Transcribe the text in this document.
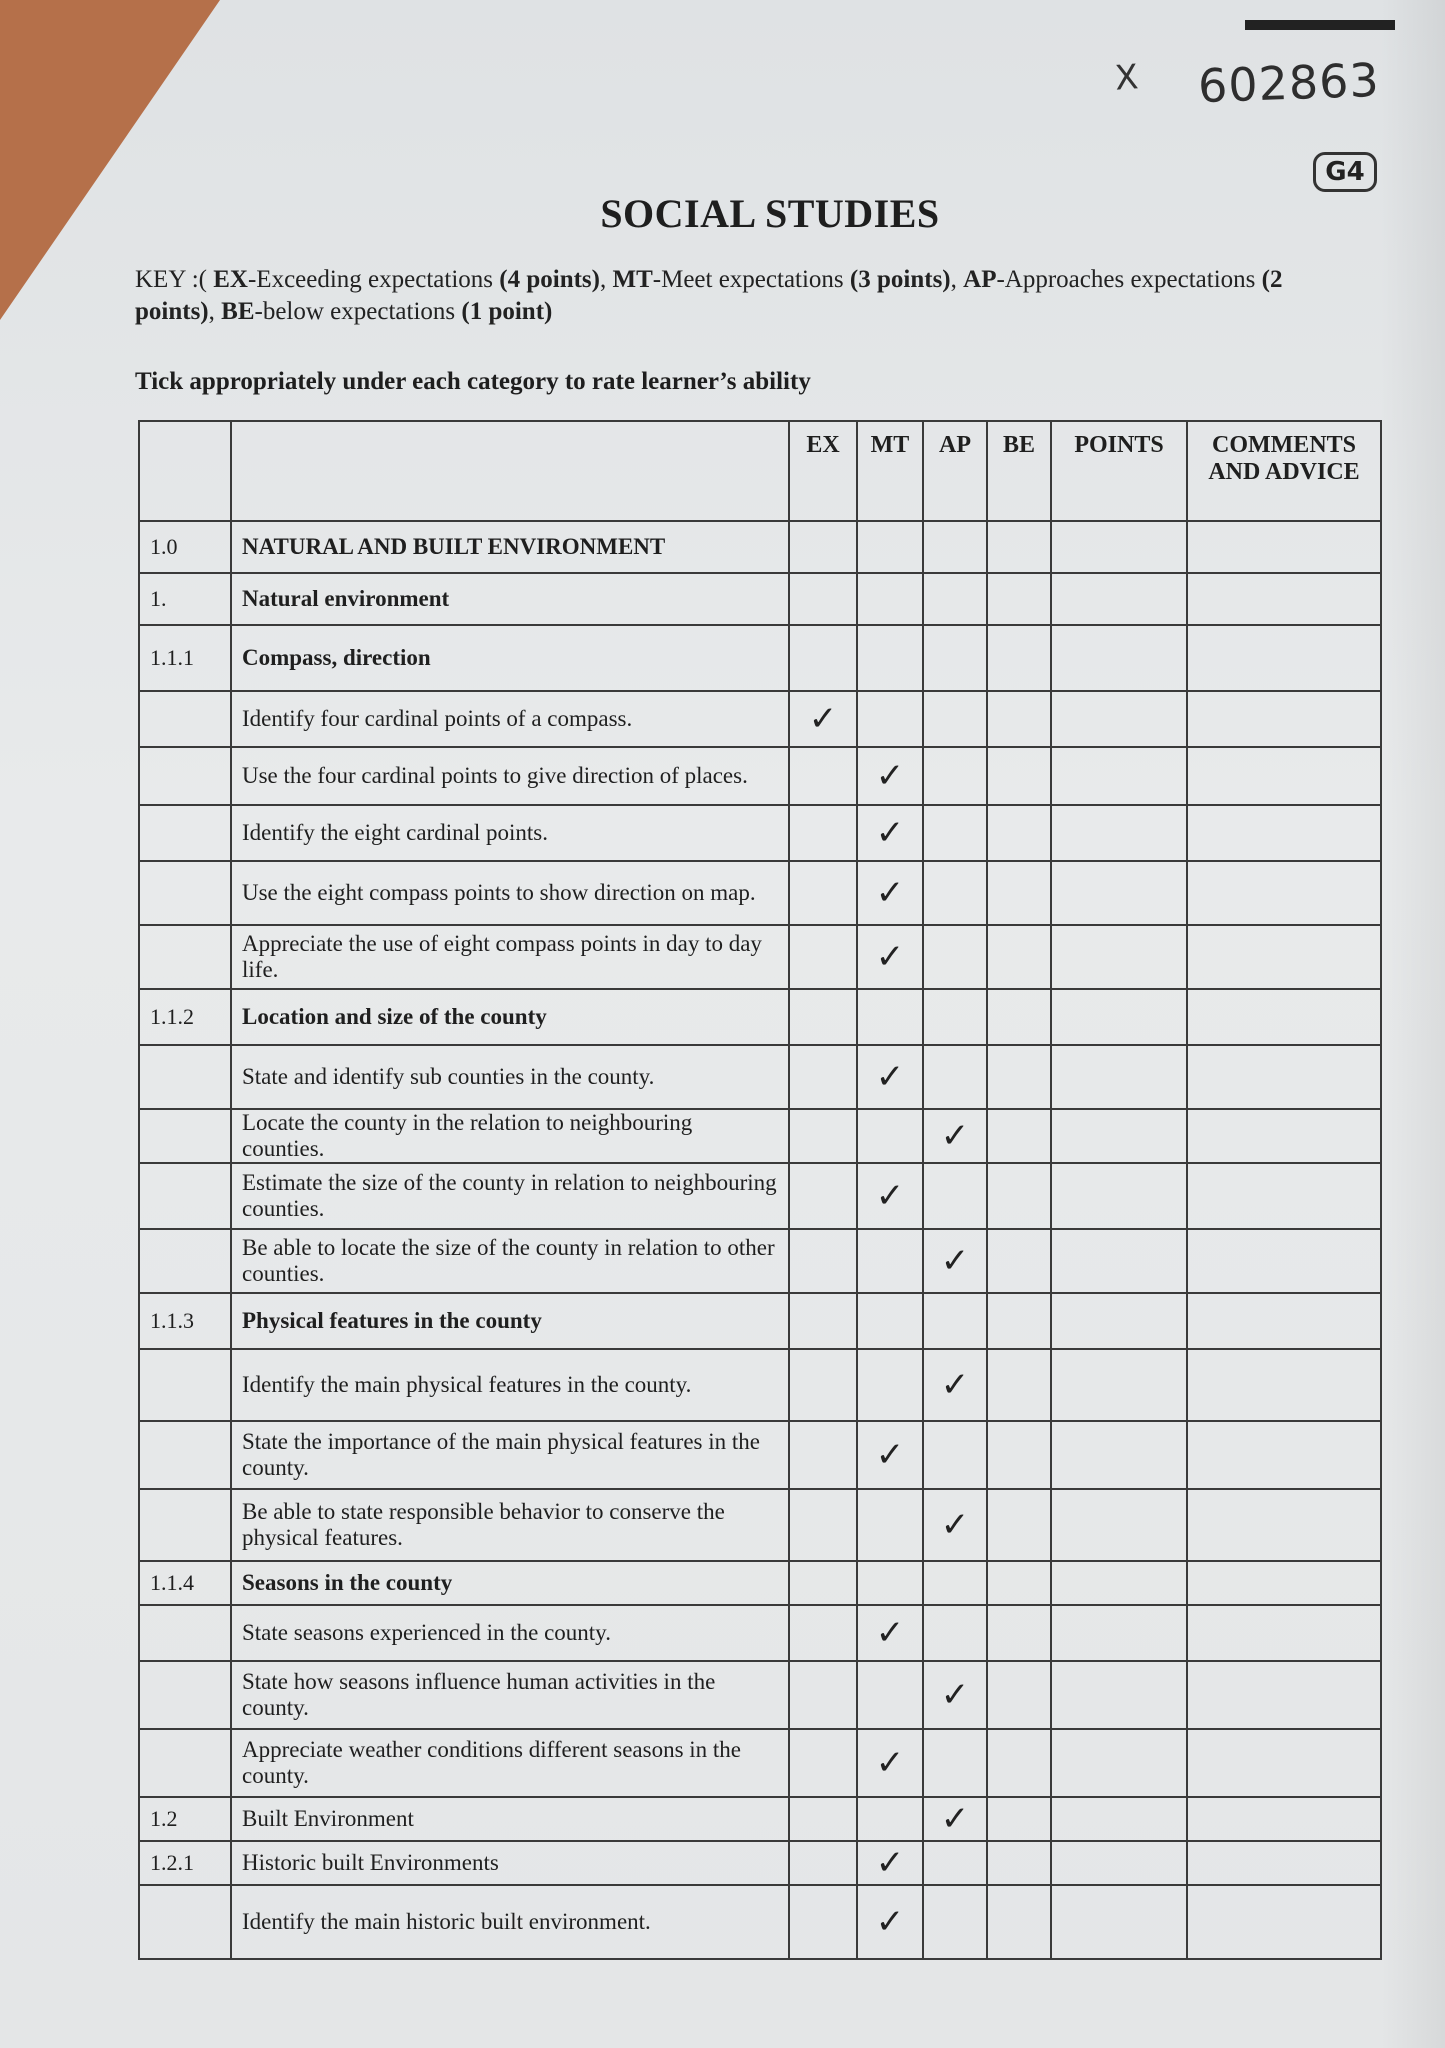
X 602863
G4
SOCIAL STUDIES
KEY :( EX-Exceeding expectations (4 points), MT-Meet expectations (3 points), AP-Approaches expectations (2 points), BE-below expectations (1 point)
Tick appropriately under each category to rate learner’s ability
		EX	MT	AP	BE	POINTS	COMMENTS AND ADVICE
1.0	NATURAL AND BUILT ENVIRONMENT						
1.	Natural environment						
1.1.1	Compass, direction						
	Identify four cardinal points of a compass.	✓					
	Use the four cardinal points to give direction of places.		✓				
	Identify the eight cardinal points.		✓				
	Use the eight compass points to show direction on map.		✓				
	Appreciate the use of eight compass points in day to day life.		✓				
1.1.2	Location and size of the county						
	State and identify sub counties in the county.		✓				
	Locate the county in the relation to neighbouring counties.			✓			
	Estimate the size of the county in relation to neighbouring counties.		✓				
	Be able to locate the size of the county in relation to other counties.			✓			
1.1.3	Physical features in the county						
	Identify the main physical features in the county.			✓			
	State the importance of the main physical features in the county.		✓				
	Be able to state responsible behavior to conserve the physical features.			✓			
1.1.4	Seasons in the county						
	State seasons experienced in the county.		✓				
	State how seasons influence human activities in the county.			✓			
	Appreciate weather conditions different seasons in the county.		✓				
1.2	Built Environment			✓			
1.2.1	Historic built Environments		✓				
	Identify the main historic built environment.		✓				
